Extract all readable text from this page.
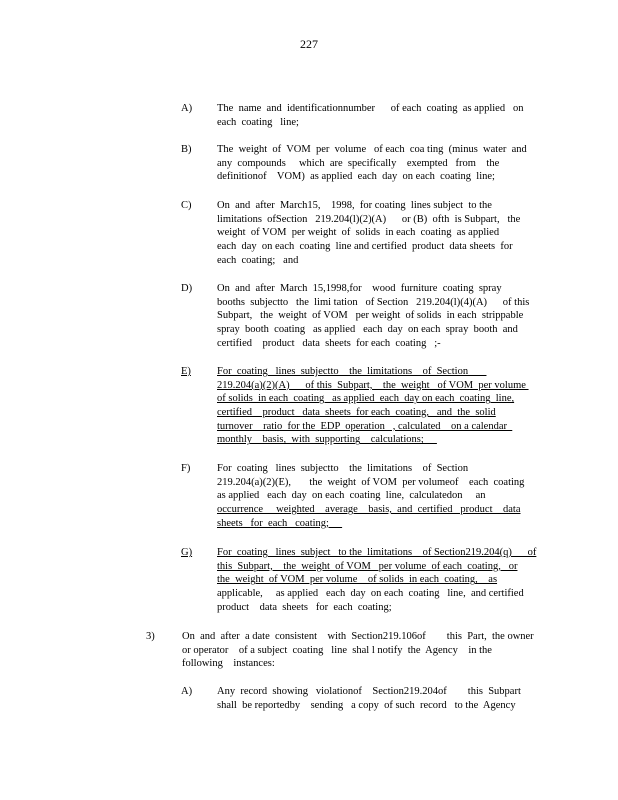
227
A) The  name  and  identificationnumber      of each  coating  as applied   on
each  coating   line;
B) The  weight  of  VOM  per  volume   of each  coa ting  (minus  water  and
any  compounds     which  are  specifically    exempted   from    the
definitionof    VOM)  as applied  each  day  on each  coating  line;
C) On  and  after  March15,    1998,  for coating  lines subject  to the
limitations  ofSection   219.204(l)(2)(A)      or (B)  ofth  is Subpart,   the
weight  of VOM  per weight  of  solids  in each  coating  as applied
each  day  on each  coating  line and certified  product  data sheets  for
each  coating;   and
D) On  and  after  March  15,1998,for    wood  furniture  coating  spray
booths  subjectto   the  limi tation   of Section   219.204(l)(4)(A)      of this
Subpart,   the  weight  of VOM   per weight  of solids  in each  strippable
spray  booth  coating   as applied   each  day  on each  spray  booth  and
certified    product   data  sheets  for each  coating   ;-
E) For  coating   lines  subjectto    the  limitations    of  Section
219.204(a)(2)(A)      of this  Subpart,    the  weight   of VOM  per volume
of solids  in each  coating   as applied  each  day on each  coating  line,
certified    product   data  sheets  for each  coating,   and  the  solid
turnover    ratio  for the  EDP  operation   , calculated    on a calendar
monthly    basis,  with  supporting    calculations;
F)	For  coating   lines  subjectto    the  limitations    of  Section
219.204(a)(2)(E),       the  weight  of VOM  per volumeof    each  coating
as applied   each  day  on each  coating  line,  calculatedon     an
occurrence     weighted    average    basis,  and  certified   product    data
sheets   for  each   coating;
G) For  coating   lines  subject   to the  limitations    of Section219.204(q)      of
this  Subpart,    the  weight  of VOM   per volume  of each  coating,   or
the  weight  of VOM  per volume    of solids  in each  coating,    as
applicable,     as applied   each  day  on each  coating   line,  and certified
product    data  sheets   for  each  coating;
3)	On  and  after  a date  consistent    with  Section219.106of        this  Part,  the owner
or operator    of a subject  coating   line  shal l notify  the  Agency    in the
following    instances:
A) Any  record  showing   violationof    Section219.204of        this  Subpart
shall  be reportedby    sending   a copy  of such  record   to the  Agency
